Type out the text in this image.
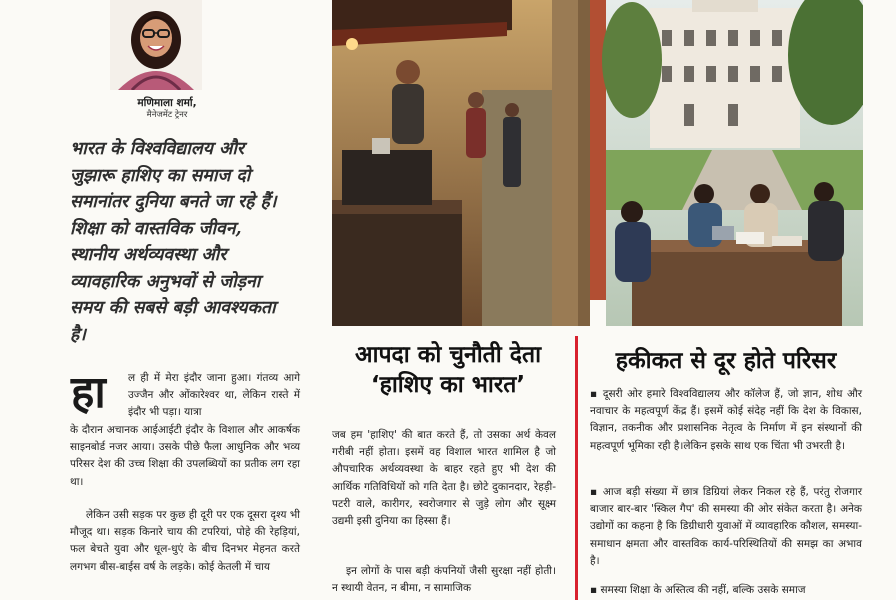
मणिमाला शर्मा,
मैनेजमेंट ट्रेनर
भारत के विश्वविद्यालय और जुझारू हाशिए का समाज दो समानांतर दुनिया बनते जा रहे हैं। शिक्षा को वास्तविक जीवन, स्थानीय अर्थव्यवस्था और व्यावहारिक अनुभवों से जोड़ना समय की सबसे बड़ी आवश्यकता है।
हा ल ही में मेरा इंदौर जाना हुआ। गंतव्य आगे उज्जैन और ओंकारेश्वर था, लेकिन रास्ते में इंदौर भी पड़ा। यात्रा
के दौरान अचानक आईआईटी इंदौर के विशाल और आकर्षक साइनबोर्ड नजर आया। उसके पीछे फैला आधुनिक और भव्य परिसर देश की उच्च शिक्षा की उपलब्धियों का प्रतीक लग रहा था।
लेकिन उसी सड़क पर कुछ ही दूरी पर एक दूसरा दृश्य भी मौजूद था। सड़क किनारे चाय की टपरियां, पोहे की रेहड़ियां, फल बेचते युवा और धूल-धुएं के बीच दिनभर मेहनत करते लगभग बीस-बाईस वर्ष के लड़के। कोई केतली में चाय
आपदा को चुनौती देता
‘हाशिए का भारत’
जब हम 'हाशिए' की बात करते हैं, तो उसका अर्थ केवल गरीबी नहीं होता। इसमें वह विशाल भारत शामिल है जो औपचारिक अर्थव्यवस्था के बाहर रहते हुए भी देश की आर्थिक गतिविधियों को गति देता है। छोटे दुकानदार, रेहड़ी-पटरी वाले, कारीगर, स्वरोजगार से जुड़े लोग और सूक्ष्म उद्यमी इसी दुनिया का हिस्सा हैं।
इन लोगों के पास बड़ी कंपनियों जैसी सुरक्षा नहीं होती। न स्थायी वेतन, न बीमा, न सामाजिक
हकीकत से दूर होते परिसर
▪ दूसरी ओर हमारे विश्वविद्यालय और कॉलेज हैं, जो ज्ञान, शोध और नवाचार के महत्वपूर्ण केंद्र हैं। इसमें कोई संदेह नहीं कि देश के विकास, विज्ञान, तकनीक और प्रशासनिक नेतृत्व के निर्माण में इन संस्थानों की महत्वपूर्ण भूमिका रही है।लेकिन इसके साथ एक चिंता भी उभरती है।
▪ आज बड़ी संख्या में छात्र डिग्रियां लेकर निकल रहे हैं, परंतु रोजगार बाजार बार-बार 'स्किल गैप' की समस्या की ओर संकेत करता है। अनेक उद्योगों का कहना है कि डिग्रीधारी युवाओं में व्यावहारिक कौशल, समस्या-समाधान क्षमता और वास्तविक कार्य-परिस्थितियों की समझ का अभाव है।
▪ समस्या शिक्षा के अस्तित्व की नहीं, बल्कि उसके समाज
